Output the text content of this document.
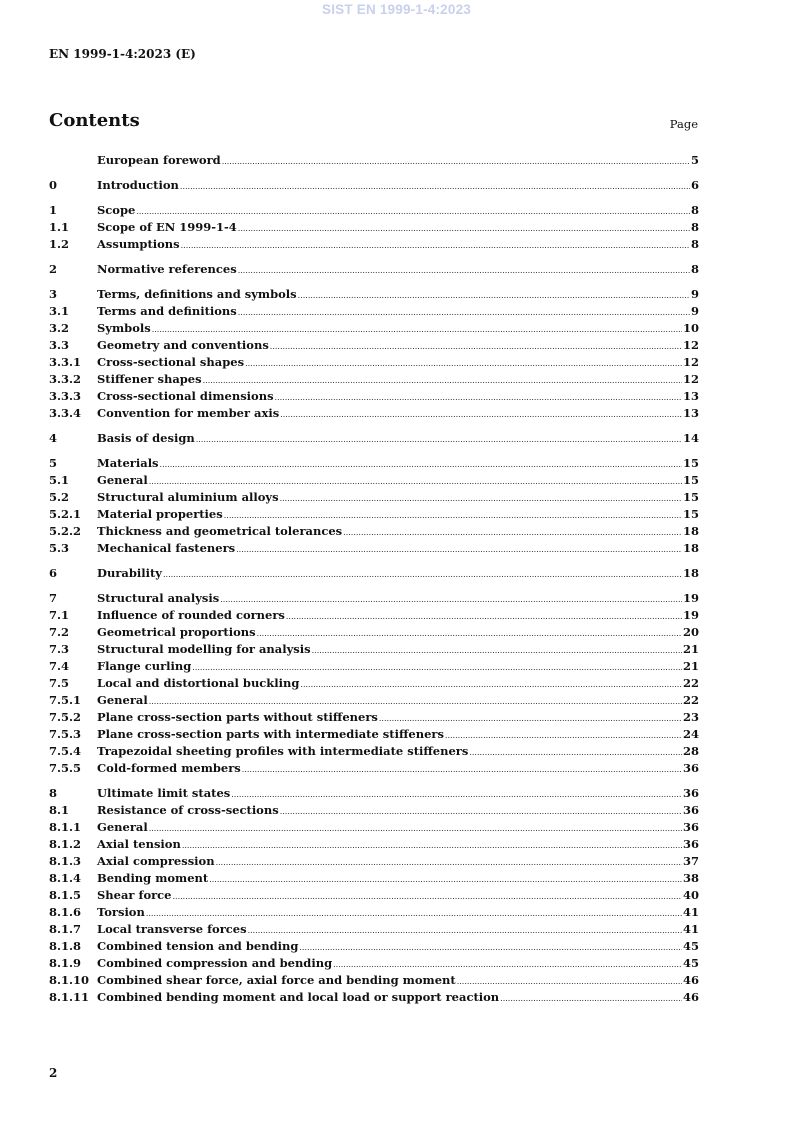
SIST EN 1999-1-4:2023
EN 1999-1-4:2023 (E)
Contents	Page
European foreword .....	5
0	Introduction .....	6
1	Scope .....	8
1.1	Scope of EN 1999-1-4 .....	8
1.2	Assumptions .....	8
2	Normative references .....	8
3	Terms, definitions and symbols .....	9
3.1	Terms and definitions .....	9
3.2	Symbols .....	10
3.3	Geometry and conventions .....	12
3.3.1	Cross-sectional shapes .....	12
3.3.2	Stiffener shapes .....	12
3.3.3	Cross-sectional dimensions .....	13
3.3.4	Convention for member axis .....	13
4	Basis of design .....	14
5	Materials .....	15
5.1	General .....	15
5.2	Structural aluminium alloys .....	15
5.2.1	Material properties .....	15
5.2.2	Thickness and geometrical tolerances .....	18
5.3	Mechanical fasteners .....	18
6	Durability .....	18
7	Structural analysis .....	19
7.1	Influence of rounded corners .....	19
7.2	Geometrical proportions .....	20
7.3	Structural modelling for analysis .....	21
7.4	Flange curling .....	21
7.5	Local and distortional buckling .....	22
7.5.1	General .....	22
7.5.2	Plane cross-section parts without stiffeners .....	23
7.5.3	Plane cross-section parts with intermediate stiffeners .....	24
7.5.4	Trapezoidal sheeting profiles with intermediate stiffeners .....	28
7.5.5	Cold-formed members .....	36
8	Ultimate limit states .....	36
8.1	Resistance of cross-sections .....	36
8.1.1	General .....	36
8.1.2	Axial tension .....	36
8.1.3	Axial compression .....	37
8.1.4	Bending moment .....	38
8.1.5	Shear force .....	40
8.1.6	Torsion .....	41
8.1.7	Local transverse forces .....	41
8.1.8	Combined tension and bending .....	45
8.1.9	Combined compression and bending .....	45
8.1.10 Combined shear force, axial force and bending moment .....	46
8.1.11 Combined bending moment and local load or support reaction .....	46
2
